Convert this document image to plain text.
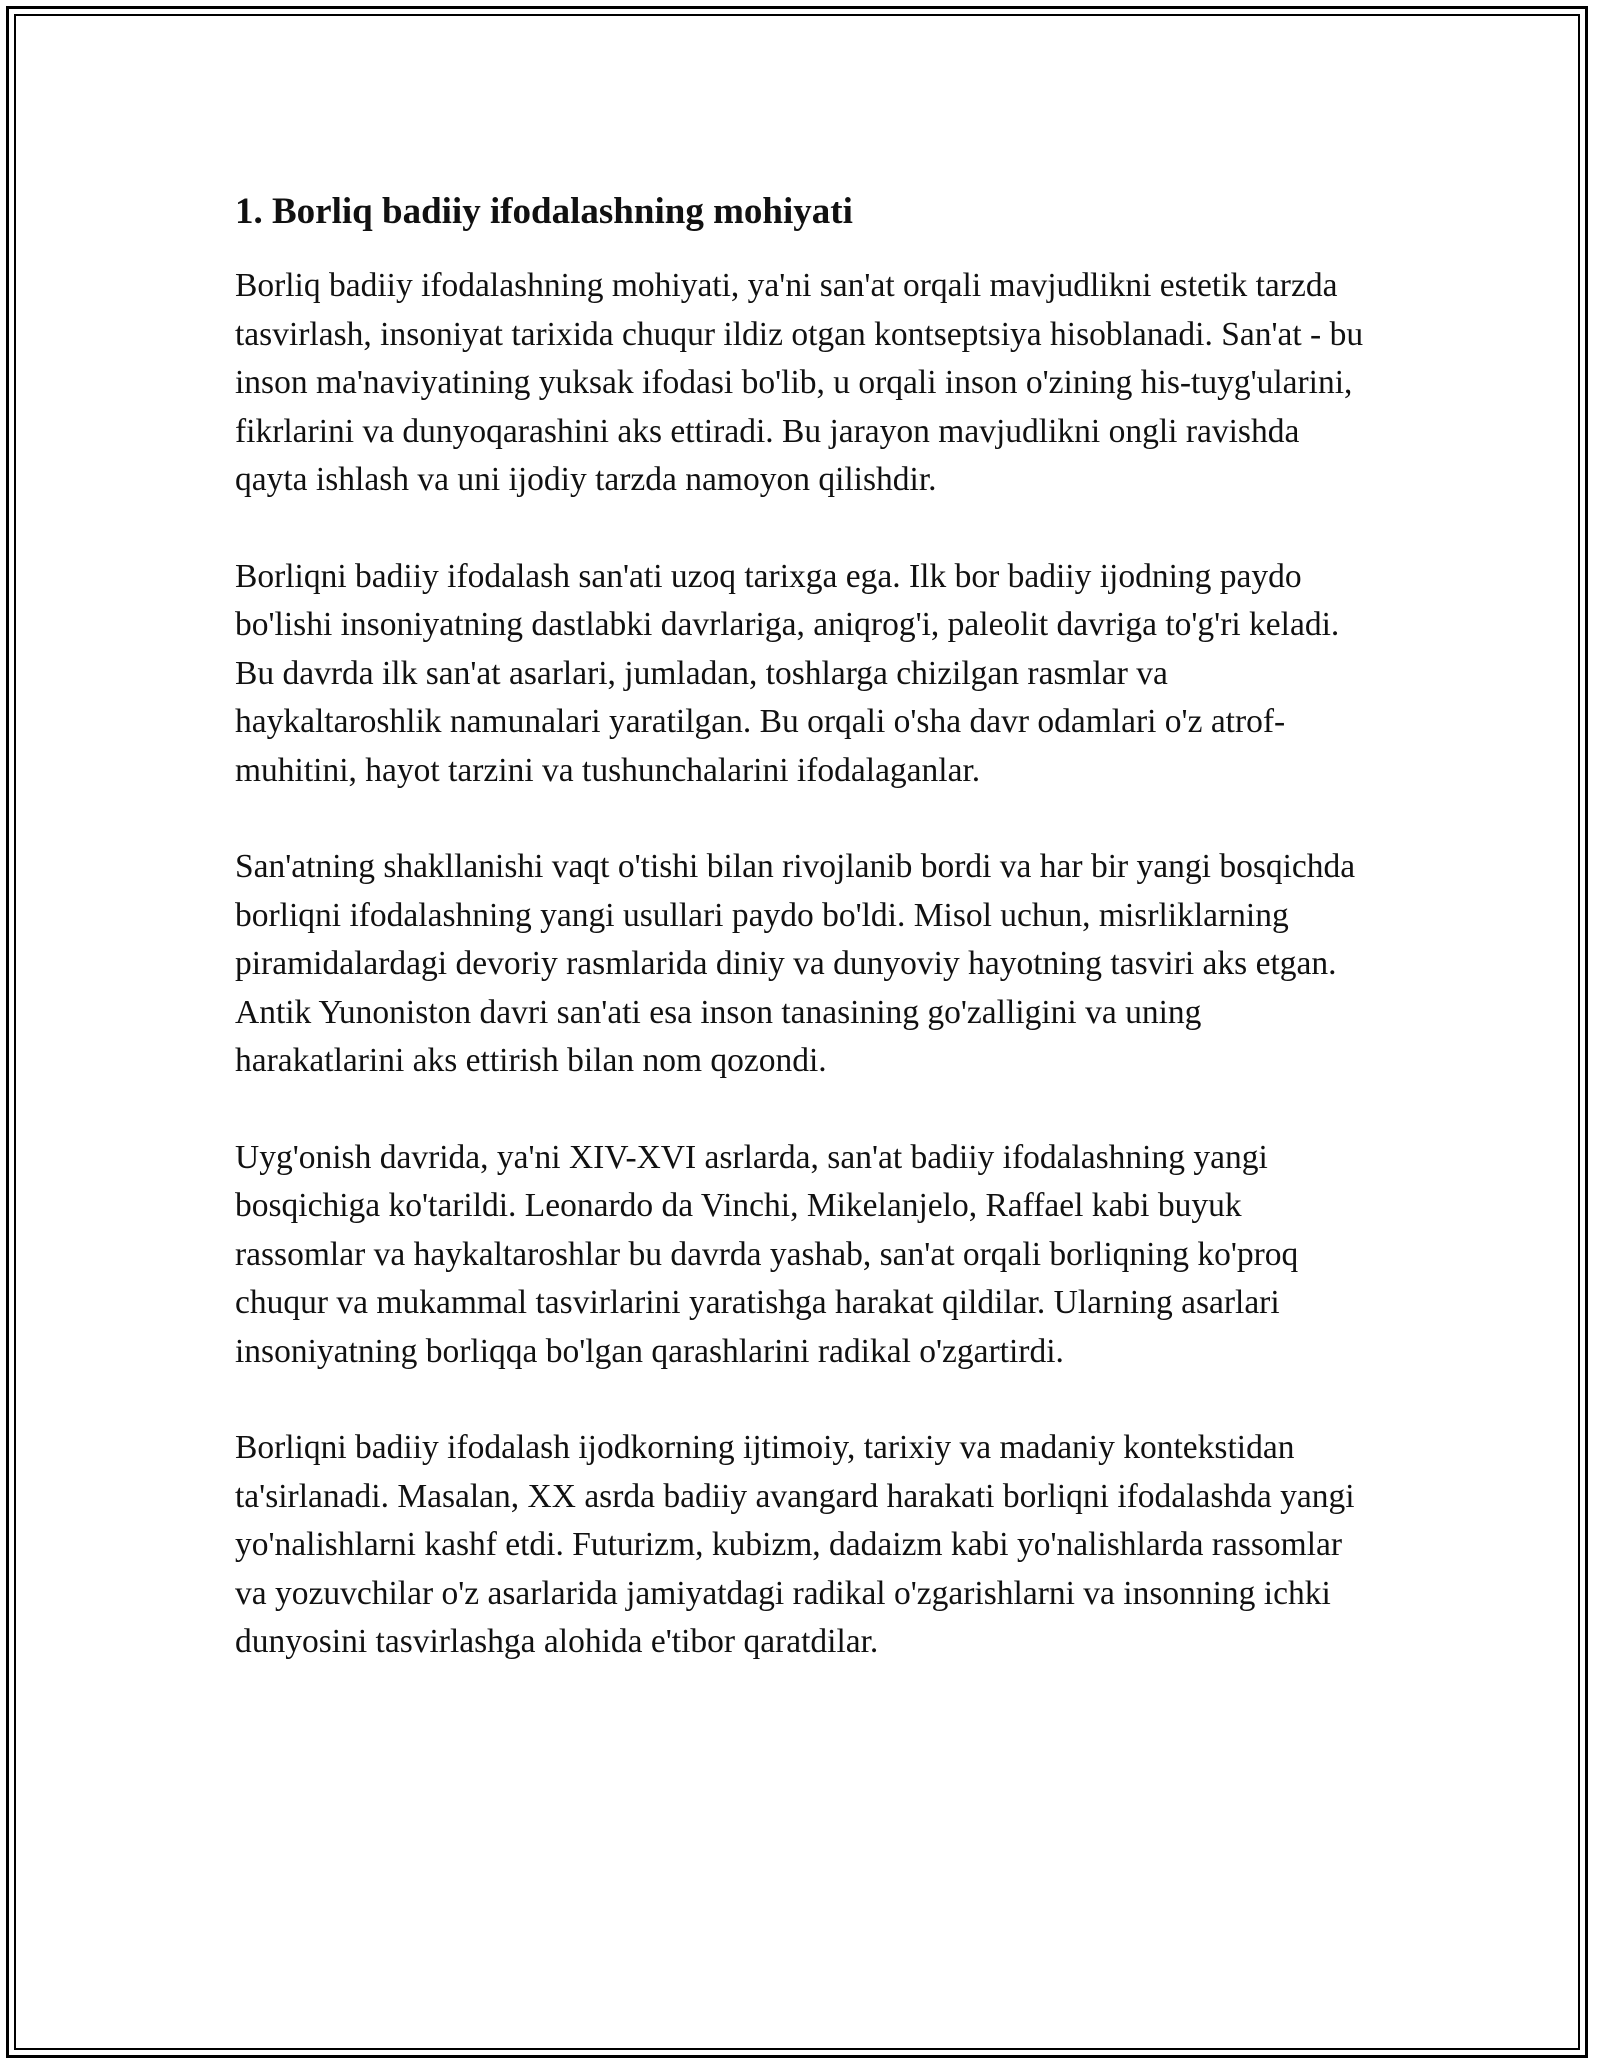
1. Borliq badiiy ifodalashning mohiyati

Borliq badiiy ifodalashning mohiyati, ya'ni san'at orqali mavjudlikni estetik tarzda tasvirlash, insoniyat tarixida chuqur ildiz otgan kontseptsiya hisoblanadi. San'at - bu inson ma'naviyatining yuksak ifodasi bo'lib, u orqali inson o'zining his-tuyg'ularini, fikrlarini va dunyoqarashini aks ettiradi. Bu jarayon mavjudlikni ongli ravishda qayta ishlash va uni ijodiy tarzda namoyon qilishdir.

Borliqni badiiy ifodalash san'ati uzoq tarixga ega. Ilk bor badiiy ijodning paydo bo'lishi insoniyatning dastlabki davrlariga, aniqrog'i, paleolit davriga to'g'ri keladi. Bu davrda ilk san'at asarlari, jumladan, toshlarga chizilgan rasmlar va haykaltaroshlik namunalari yaratilgan. Bu orqali o'sha davr odamlari o'z atrof-muhitini, hayot tarzini va tushunchalarini ifodalaganlar.

San'atning shakllanishi vaqt o'tishi bilan rivojlanib bordi va har bir yangi bosqichda borliqni ifodalashning yangi usullari paydo bo'ldi. Misol uchun, misrliklarning piramidalardagi devoriy rasmlarida diniy va dunyoviy hayotning tasviri aks etgan. Antik Yunoniston davri san'ati esa inson tanasining go'zalligini va uning harakatlarini aks ettirish bilan nom qozondi.

Uyg'onish davrida, ya'ni XIV-XVI asrlarda, san'at badiiy ifodalashning yangi bosqichiga ko'tarildi. Leonardo da Vinchi, Mikelanjelo, Raffael kabi buyuk rassomlar va haykaltaroshlar bu davrda yashab, san'at orqali borliqning ko'proq chuqur va mukammal tasvirlarini yaratishga harakat qildilar. Ularning asarlari insoniyatning borliqqa bo'lgan qarashlarini radikal o'zgartirdi.

Borliqni badiiy ifodalash ijodkorning ijtimoiy, tarixiy va madaniy kontekstidan ta'sirlanadi. Masalan, XX asrda badiiy avangard harakati borliqni ifodalashda yangi yo'nalishlarni kashf etdi. Futurizm, kubizm, dadaizm kabi yo'nalishlarda rassomlar va yozuvchilar o'z asarlarida jamiyatdagi radikal o'zgarishlarni va insonning ichki dunyosini tasvirlashga alohida e'tibor qaratdilar.
